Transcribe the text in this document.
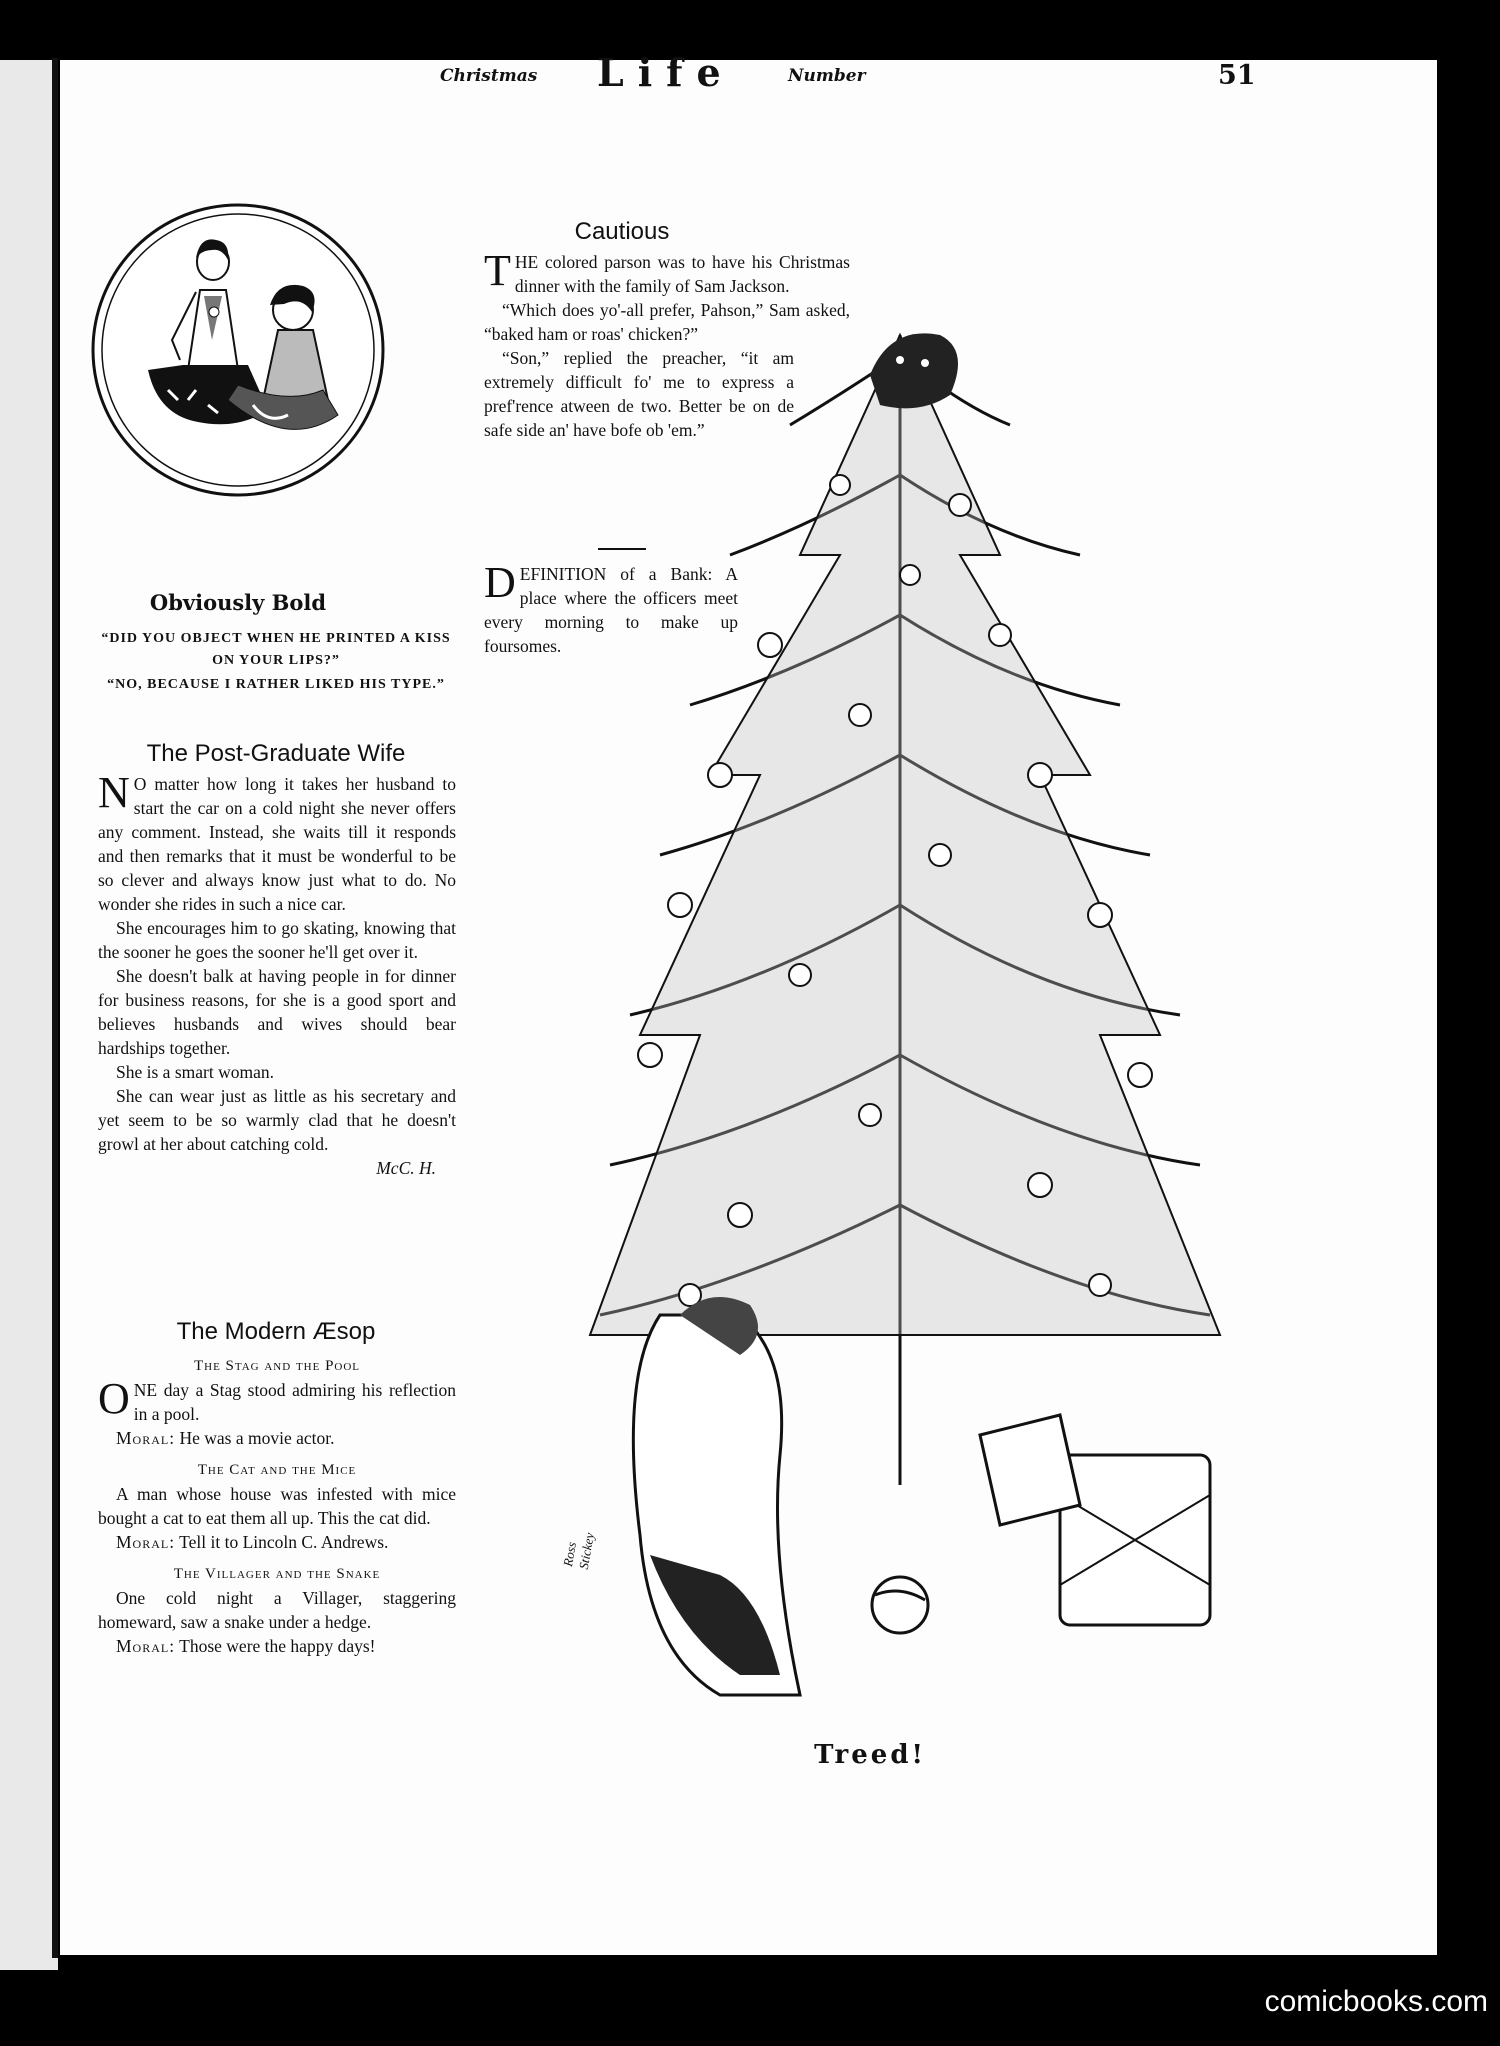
Christmas Life	Number	51
Obviously Bold
“DID YOU OBJECT WHEN HE PRINTED A KISS ON YOUR LIPS?”
“NO, BECAUSE I RATHER LIKED HIS TYPE.”
The Post-Graduate Wife

N O matter how long it takes her husband to start the car on a cold night she never offers any comment. Instead, she waits till it responds and then remarks that it must be wonderful to be so clever and always know just what to do. No wonder she rides in such a nice car.

She encourages him to go skating, knowing that the sooner he goes the sooner he'll get over it.

She doesn't balk at having people in for dinner for business reasons, for she is a good sport and believes husbands and wives should bear hardships together.

She is a smart woman.

She can wear just as little as his secretary and yet seem to be so warmly clad that he doesn't growl at her about catching cold.

McC. H.
The Modern Æsop
The Stag and the Pool

ONE day a Stag stood admiring his reflection in a pool.

Moral: He was a movie actor.

The Cat and the Mice

A man whose house was infested with mice bought a cat to eat them all up. This the cat did.

Moral: Tell it to Lincoln C. Andrews.

The Villager and the Snake

One cold night a Villager, staggering homeward, saw a snake under a hedge.

Moral: Those were the happy days!

Cautious

THE colored parson was to have his Christmas dinner with the family of Sam Jackson.

“Which does yo'-all prefer, Pahson,” Sam asked, “baked ham or roas' chicken?”

“Son,” replied the preacher, “it am extremely difficult fo' me to express a pref'rence atween de two. Better be on de safe side an' have bofe ob 'em.”

DEFINITION of a Bank: A place where the officers meet every morning to make up foursomes.

Ross Stickey
Treed!
comicbooks.com
